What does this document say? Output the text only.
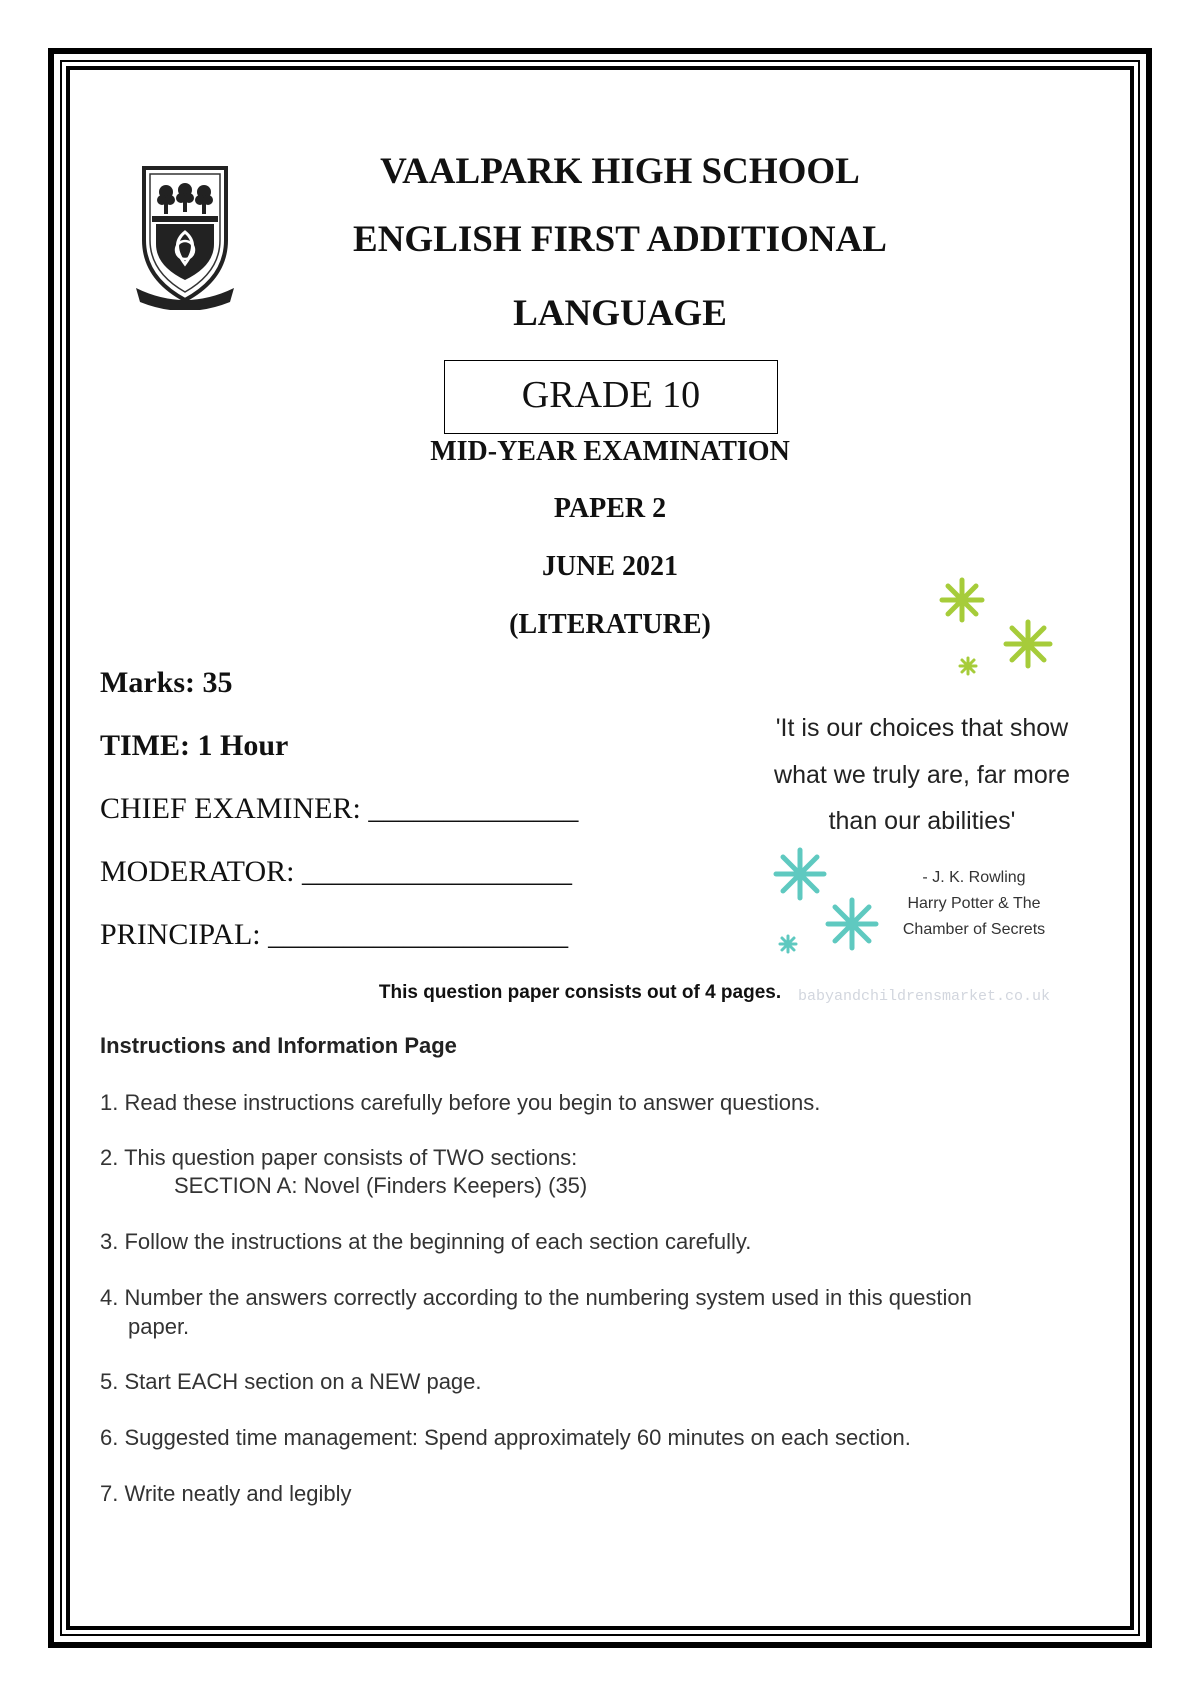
VAALPARK HIGH SCHOOL
ENGLISH FIRST ADDITIONAL
LANGUAGE
GRADE 10
MID-YEAR EXAMINATION
PAPER 2
JUNE 2021
(LITERATURE)
Marks: 35
TIME: 1 Hour
CHIEF EXAMINER: ______________
MODERATOR: __________________
PRINCIPAL: ____________________
'It is our choices that show
what we truly are, far more
than our abilities'
- J. K. Rowling
Harry Potter & The
Chamber of Secrets
babyandchildrensmarket.co.uk
This question paper consists out of 4 pages.
Instructions and Information Page
1. Read these instructions carefully before you begin to answer questions.
2. This question paper consists of TWO sections:
SECTION A: Novel (Finders Keepers) (35)
3. Follow the instructions at the beginning of each section carefully.
4. Number the answers correctly according to the numbering system used in this question
paper.
5. Start EACH section on a NEW page.
6. Suggested time management: Spend approximately 60 minutes on each section.
7. Write neatly and legibly
